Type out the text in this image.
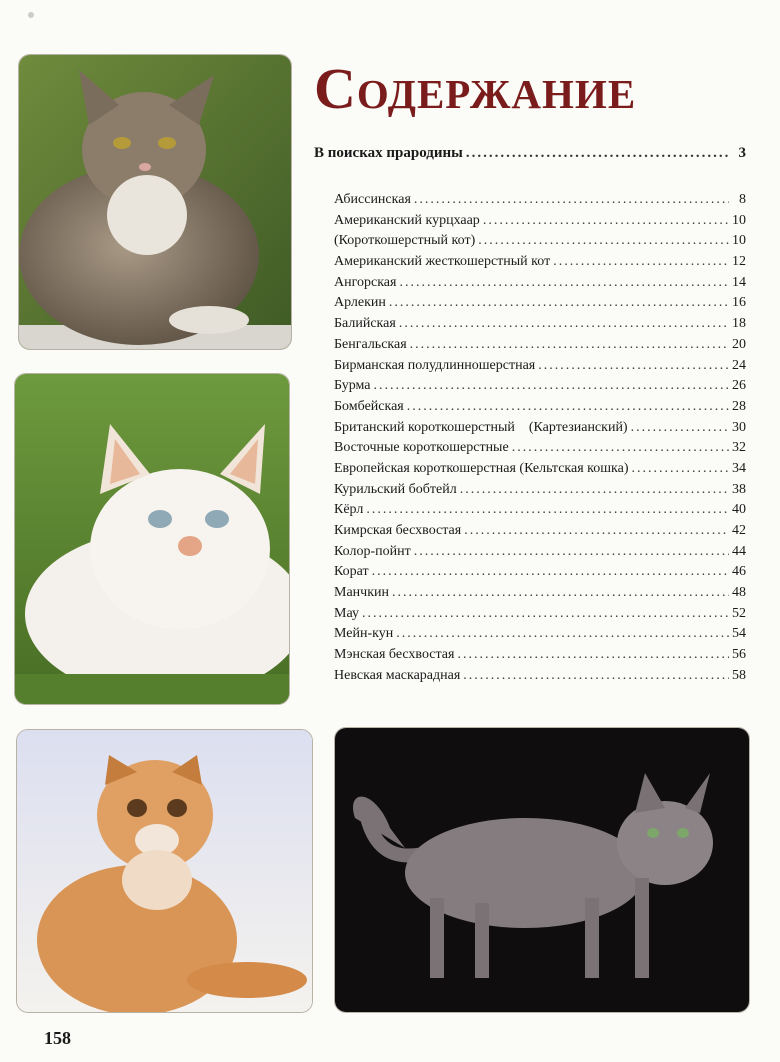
Содержание
В поисках прародины .....	3
Абиссинская .....	8
Американский курцхаар .....	10
(Короткошерстный кот) .....	10
Американский жесткошерстный кот .....	12
Ангорская .....	14
Арлекин .....	16
Балийская .....	18
Бенгальская .....	20
Бирманская полудлинношерстная .....	24
Бурма .....	26
Бомбейская .....	28
Британский короткошерстный    (Картезианский) .....	30
Восточные короткошерстные .....	32
Европейская короткошерстная (Кельтская кошка) .....	34
Курильский бобтейл .....	38
Кёрл .....	40
Кимрская бесхвостая .....	42
Колор-пойнт .....	44
Корат .....	46
Манчкин .....	48
Мау .....	52
Мейн-кун .....	54
Мэнская бесхвостая .....	56
Невская маскарадная .....	58
158
